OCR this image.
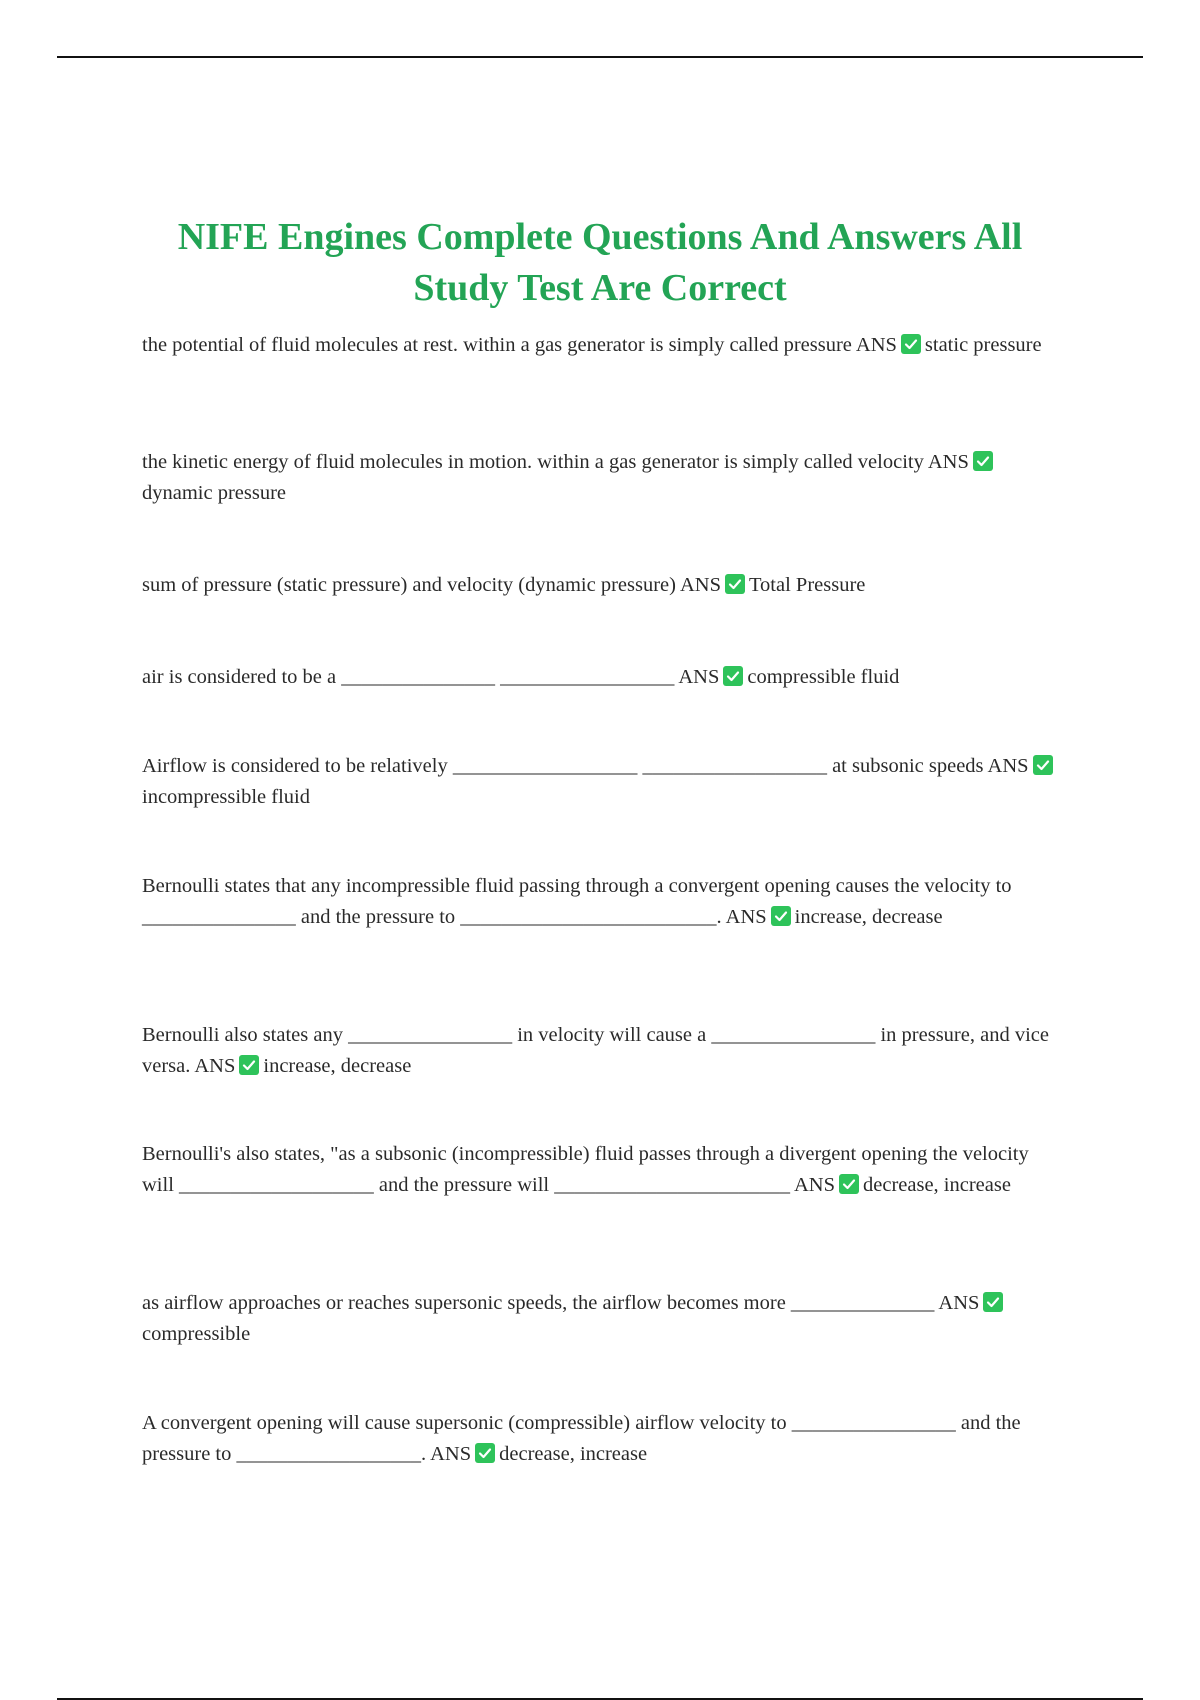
NIFE Engines Complete Questions And Answers All
Study Test Are Correct

the potential of fluid molecules at rest. within a gas generator is simply called pressure ANS static pressure

the kinetic energy of fluid molecules in motion. within a gas generator is simply called velocity ANS
dynamic pressure

sum of pressure (static pressure) and velocity (dynamic pressure) ANS Total Pressure

air is considered to be a _______________ _________________ ANS compressible fluid

Airflow is considered to be relatively __________________ __________________ at subsonic speeds ANS
incompressible fluid

Bernoulli states that any incompressible fluid passing through a convergent opening causes the velocity to _______________ and the pressure to _________________________. ANS increase, decrease

Bernoulli also states any ________________ in velocity will cause a ________________ in pressure, and vice versa. ANS increase, decrease

Bernoulli's also states, "as a subsonic (incompressible) fluid passes through a divergent opening the velocity will ___________________ and the pressure will _______________________ ANS decrease, increase

as airflow approaches or reaches supersonic speeds, the airflow becomes more ______________ ANS
compressible

A convergent opening will cause supersonic (compressible) airflow velocity to ________________ and the pressure to __________________. ANS decrease, increase
